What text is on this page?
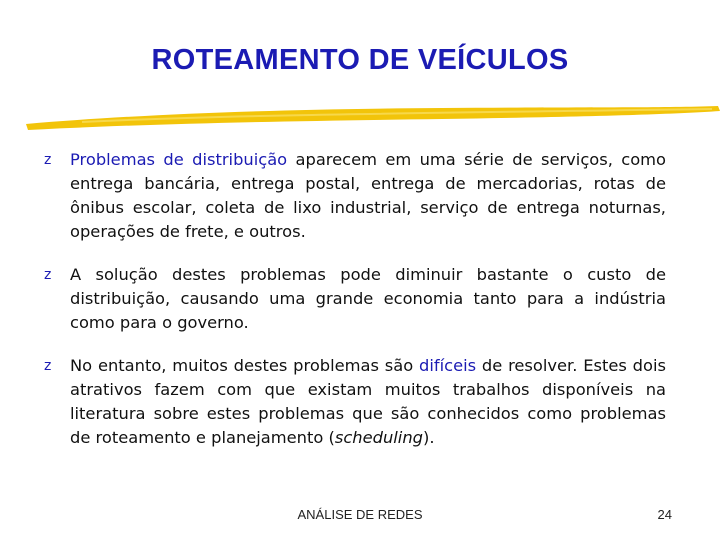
ROTEAMENTO DE VEÍCULOS
z	Problemas de distribuição aparecem em uma série de serviços, como entrega bancária, entrega postal, entrega de mercadorias, rotas de ônibus escolar, coleta de lixo industrial, serviço de entrega noturnas, operações de frete, e outros.
z	A solução destes problemas pode diminuir bastante o custo de distribuição, causando uma grande economia tanto para a indústria como para o governo.
z	No entanto, muitos destes problemas são difíceis de resolver. Estes dois atrativos fazem com que existam muitos trabalhos disponíveis na literatura sobre estes problemas que são conhecidos como problemas de roteamento e planejamento (scheduling).
ANÁLISE DE REDES	24
